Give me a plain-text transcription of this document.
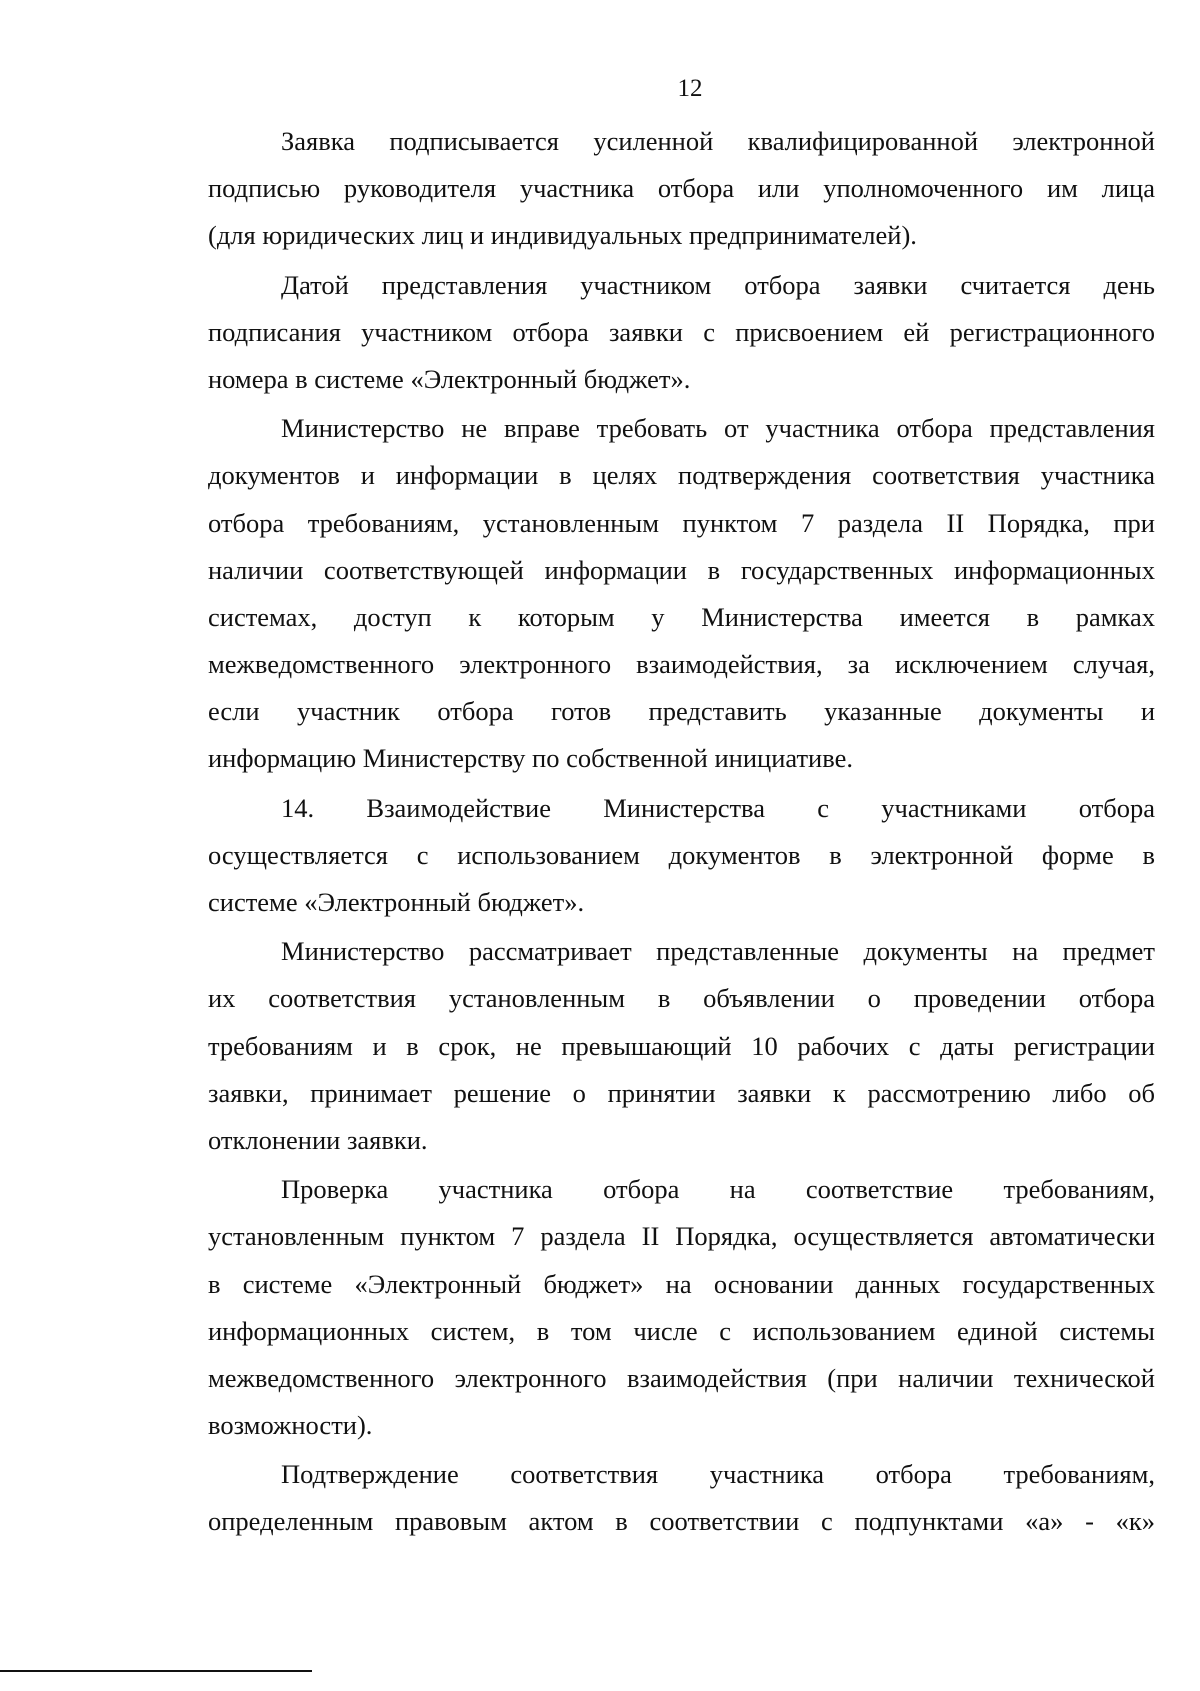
12
Заявка подписывается усиленной квалифицированной электронной
подписью руководителя участника отбора или уполномоченного им лица
(для юридических лиц и индивидуальных предпринимателей).
Датой представления участником отбора заявки считается день
подписания участником отбора заявки с присвоением ей регистрационного
номера в системе «Электронный бюджет».
Министерство не вправе требовать от участника отбора представления
документов и информации в целях подтверждения соответствия участника
отбора требованиям, установленным пунктом 7 раздела II Порядка, при
наличии соответствующей информации в государственных информационных
системах, доступ к которым у Министерства имеется в рамках
межведомственного электронного взаимодействия, за исключением случая,
если участник отбора готов представить указанные документы и
информацию Министерству по собственной инициативе.
14. Взаимодействие Министерства с участниками отбора
осуществляется с использованием документов в электронной форме в
системе «Электронный бюджет».
Министерство рассматривает представленные документы на предмет
их соответствия установленным в объявлении о проведении отбора
требованиям и в срок, не превышающий 10 рабочих с даты регистрации
заявки, принимает решение о принятии заявки к рассмотрению либо об
отклонении заявки.
Проверка участника отбора на соответствие требованиям,
установленным пунктом 7 раздела II Порядка, осуществляется автоматически
в системе «Электронный бюджет» на основании данных государственных
информационных систем, в том числе с использованием единой системы
межведомственного электронного взаимодействия (при наличии технической
возможности).
Подтверждение соответствия участника отбора требованиям,
определенным правовым актом в соответствии с подпунктами «а» - «к»
